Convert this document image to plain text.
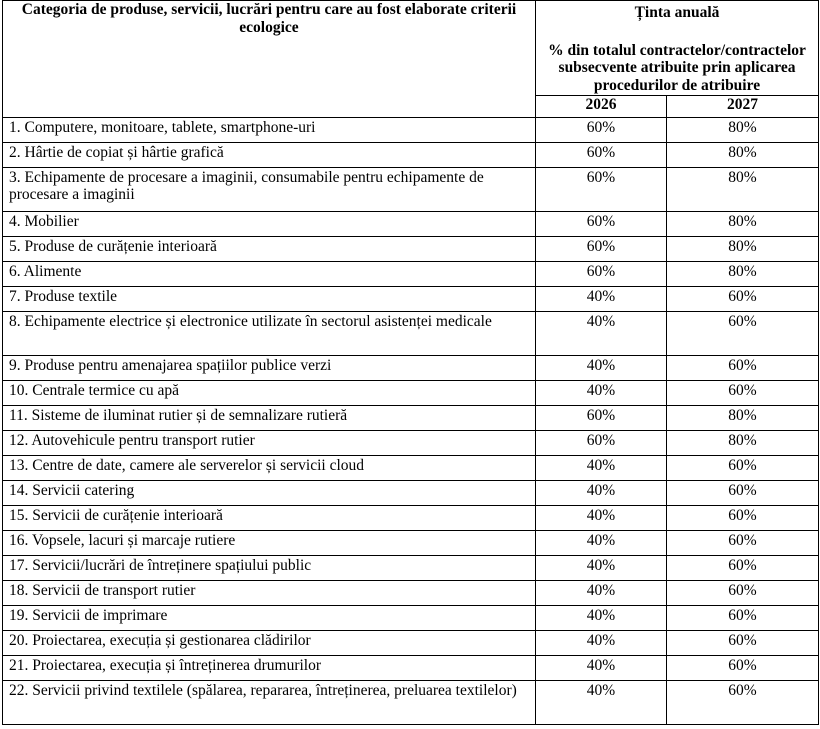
Categoria de produse, servicii, lucrări pentru care au fost elaborate criterii ecologice	Ținta anuală
% din totalul contractelor/contractelor subsecvente atribuite prin aplicarea procedurilor de atribuire	

	2026	2027
1. Computere, monitoare, tablete, smartphone-uri	60%	80%
2. Hârtie de copiat și hârtie grafică	60%	80%
3. Echipamente de procesare a imaginii, consumabile pentru echipamente de procesare a imaginii	60%	80%
4. Mobilier	60%	80%
5. Produse de curățenie interioară	60%	80%
6. Alimente	60%	80%
7. Produse textile	40%	60%
8. Echipamente electrice și electronice utilizate în sectorul asistenței medicale	40%	60%
9. Produse pentru amenajarea spațiilor publice verzi	40%	60%
10. Centrale termice cu apă	40%	60%
11. Sisteme de iluminat rutier și de semnalizare rutieră	60%	80%
12. Autovehicule pentru transport rutier	60%	80%
13. Centre de date, camere ale serverelor și servicii cloud	40%	60%
14. Servicii catering	40%	60%
15. Servicii de curățenie interioară	40%	60%
16. Vopsele, lacuri și marcaje rutiere	40%	60%
17. Servicii/lucrări de întreținere spațiului public	40%	60%
18. Servicii de transport rutier	40%	60%
19. Servicii de imprimare	40%	60%
20. Proiectarea, execuția și gestionarea clădirilor	40%	60%
21. Proiectarea, execuția și întreținerea drumurilor	40%	60%
22. Servicii privind textilele (spălarea, repararea, întreținerea, preluarea textilelor)	40%	60%
